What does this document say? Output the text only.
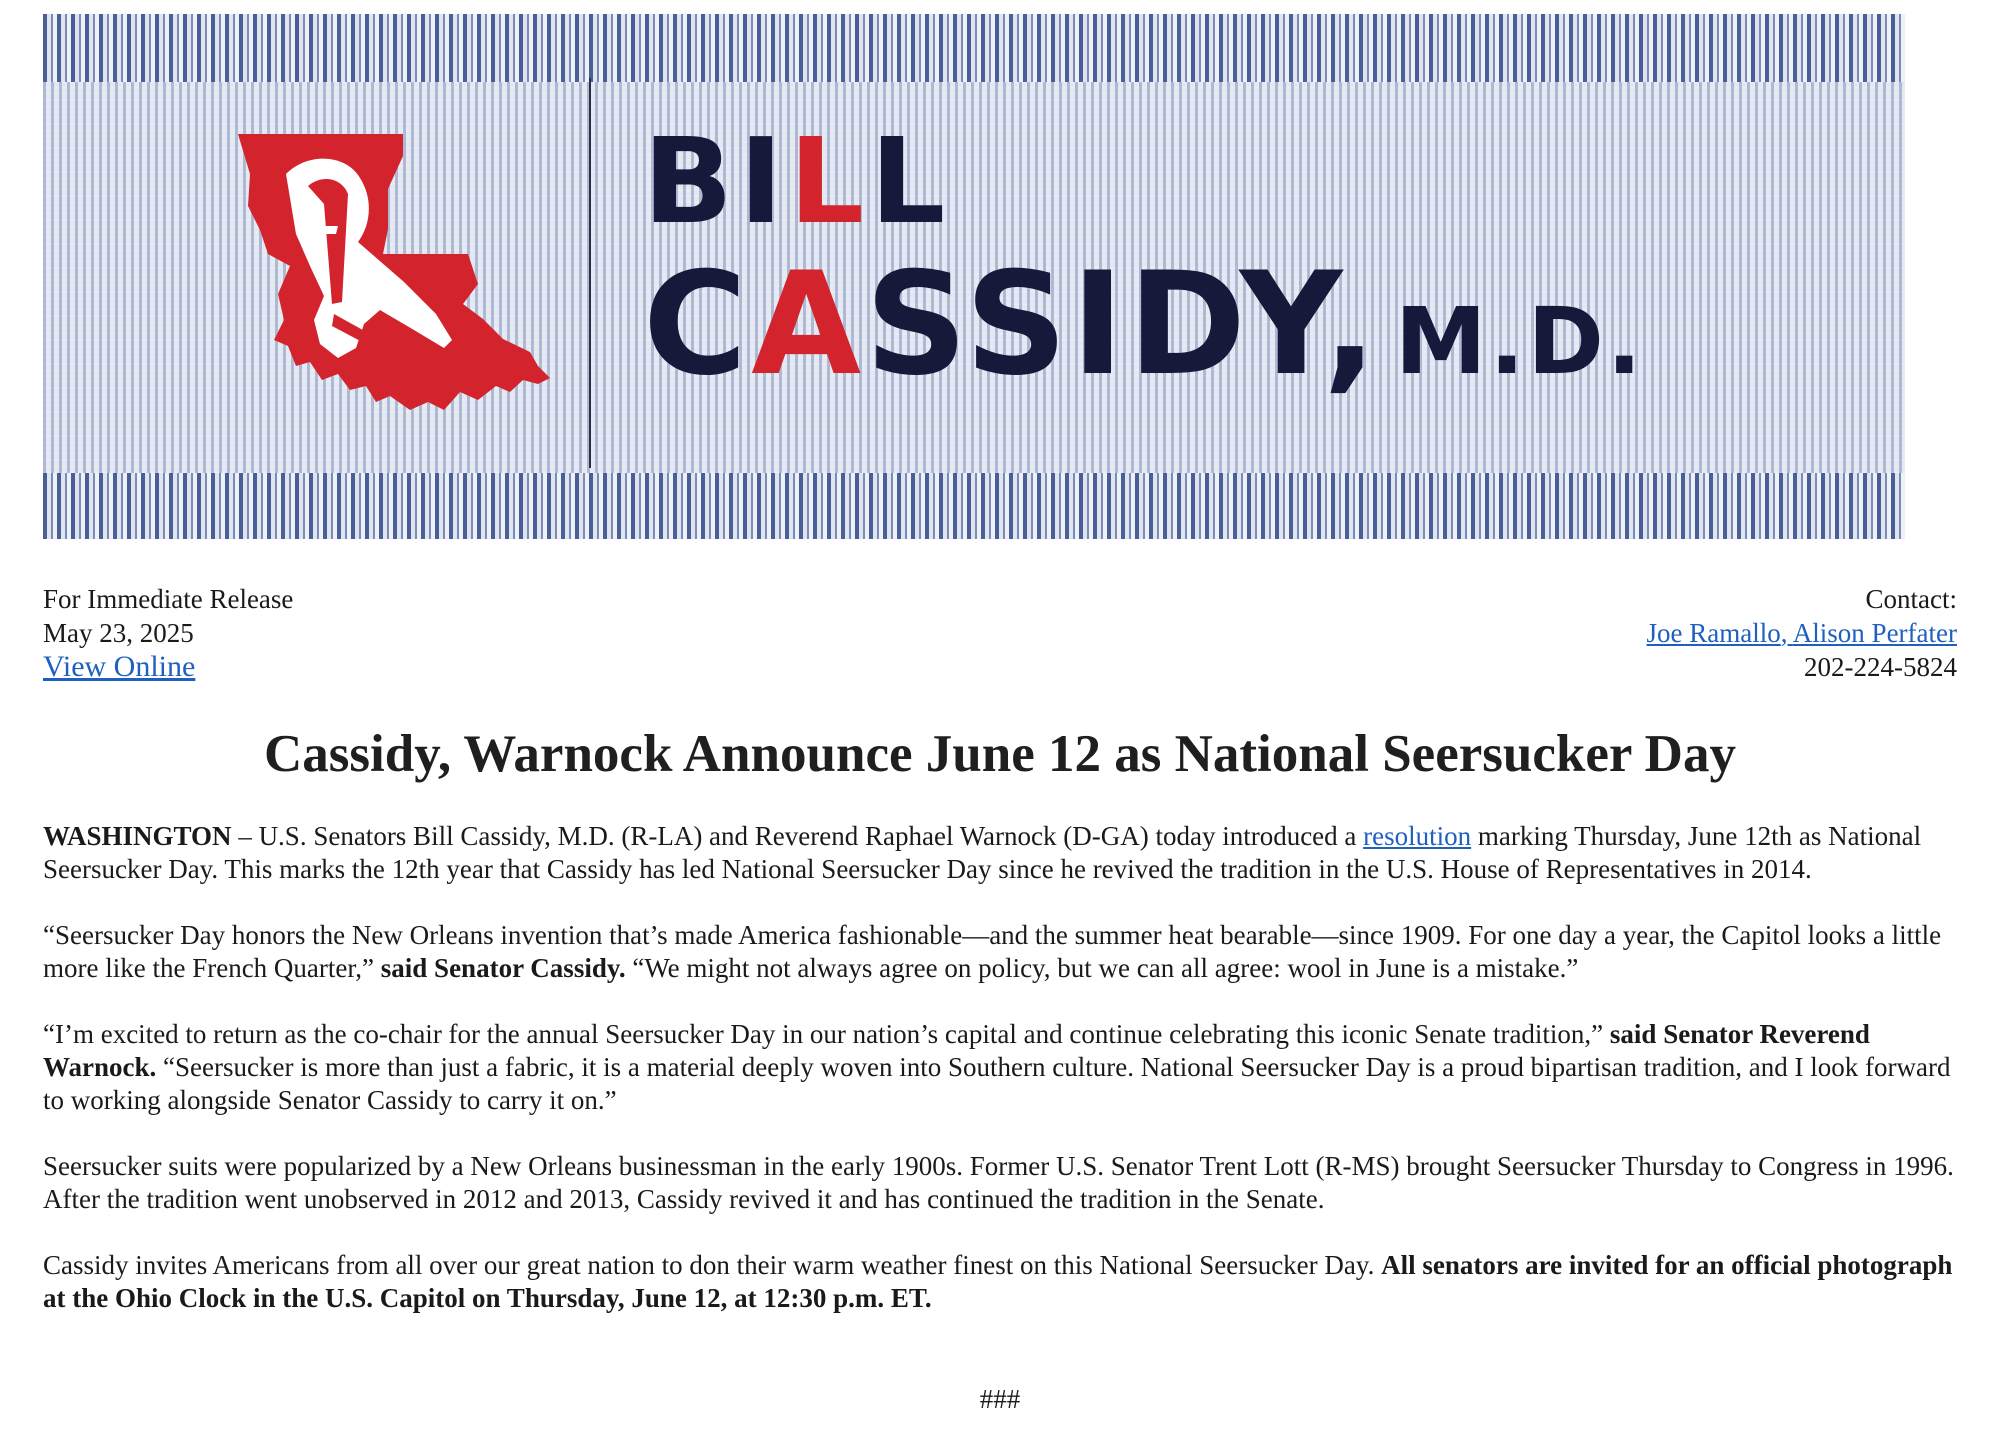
BILL
CASSIDY, M.D.
For Immediate Release
May 23, 2025
View Online
Contact:
Joe Ramallo, Alison Perfater
202-224-5824
Cassidy, Warnock Announce June 12 as National Seersucker Day

WASHINGTON – U.S. Senators Bill Cassidy, M.D. (R-LA) and Reverend Raphael Warnock (D-GA) today introduced a resolution marking Thursday, June 12th as National Seersucker Day. This marks the 12th year that Cassidy has led National Seersucker Day since he revived the tradition in the U.S. House of Representatives in 2014.

“Seersucker Day honors the New Orleans invention that’s made America fashionable—and the summer heat bearable—since 1909. For one day a year, the Capitol looks a little more like the French Quarter,” said Senator Cassidy. “We might not always agree on policy, but we can all agree: wool in June is a mistake.”

“I’m excited to return as the co-chair for the annual Seersucker Day in our nation’s capital and continue celebrating this iconic Senate tradition,” said Senator Reverend Warnock. “Seersucker is more than just a fabric, it is a material deeply woven into Southern culture. National Seersucker Day is a proud bipartisan tradition, and I look forward to working alongside Senator Cassidy to carry it on.”

Seersucker suits were popularized by a New Orleans businessman in the early 1900s. Former U.S. Senator Trent Lott (R-MS) brought Seersucker Thursday to Congress in 1996. After the tradition went unobserved in 2012 and 2013, Cassidy revived it and has continued the tradition in the Senate.

Cassidy invites Americans from all over our great nation to don their warm weather finest on this National Seersucker Day. All senators are invited for an official photograph at the Ohio Clock in the U.S. Capitol on Thursday, June 12, at 12:30 p.m. ET.

###
